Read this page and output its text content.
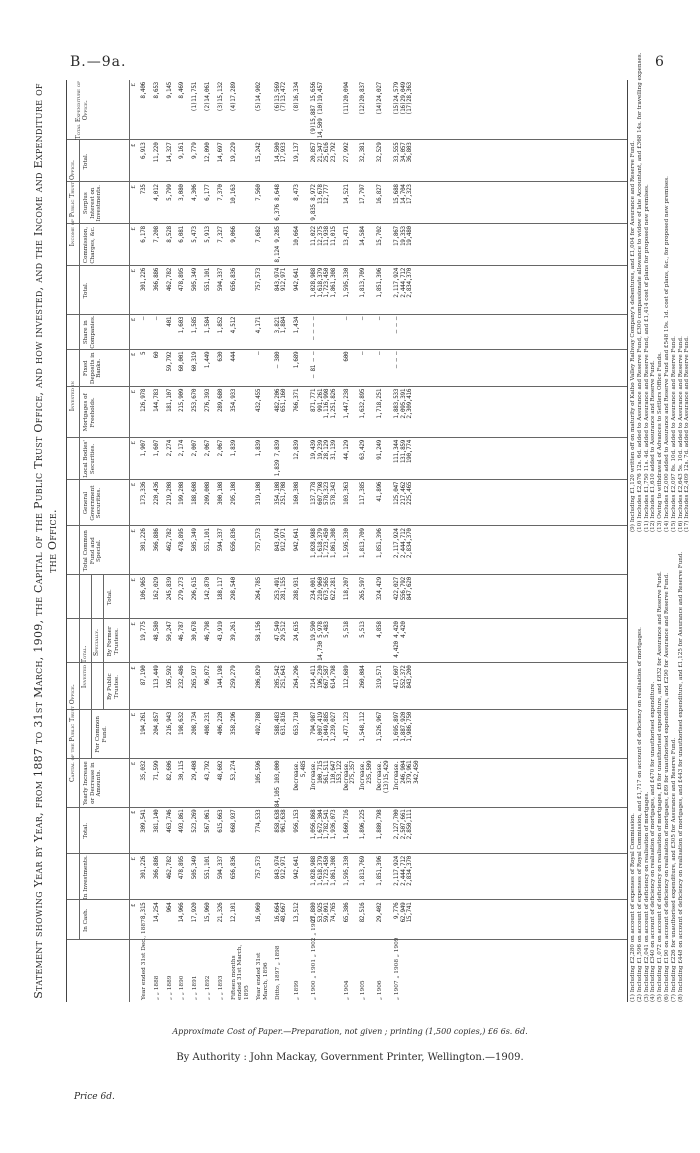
B.—9a.	6
Statement showing Year by Year, from 1887 to 31st March, 1909, the Capital of the Public Trust Office, and how invested, and the Income and Expenditure of the Office.
Capital of the Public Trust Office.
Invested Total.
Specially.
Invested in
Income of Public Trust Office.
Total Expenditure of Office.
In Cash.
In Investments.
Total.
Yearly Increase or Decrease in Amounts.
For Common Fund.
By Public Trustee.
By Former Trustees.
Total.
Total Common Fund and Special.
General Government Securities.
Local Bodies' Securities.
Mortgages of Freeholds.
Fixed Deposits in Banks.
Share in Companies.
Total.
Commission, Charges, &c.
Surplus Interest on Investments.
Total.
£
£
£
£
£
£
£
£
£
£
£
£
£
£
£
£
£
£
£
Year ended 31st Dec., 1887
8,315
301,226
309,541
35,032
194,261
87,190
19,775
106,965
301,226
173,336
1,907
126,978
5
—
301,226
6,178
735
6,913
8,406
„ „ 1888
14,254
366,886
381,140
71,599
204,857
113,449
48,580
162,029
366,886
220,436
1,607
144,783
60
—
366,886
7,208
4,012
11,220
8,653
„ „ 1889
964
462,782
463,746
82,606
216,943
195,592
50,247
245,839
462,782
219,208
2,274
181,107
59,792
401
462,782
8,528
5,799
14,327
9,145
„ „ 1890
14,966
478,895
493,861
30,115
198,632
232,486
46,787
279,273
478,895
199,208
2,174
215,909
60,001
1,603
478,895
6,081
3,080
9,161
8,469
„ „ 1891
17,920
505,349
523,269
29,408
208,734
265,937
30,678
296,615
505,349
188,608
2,007
253,670
60,319
1,585
505,349
5,473
4,306
9,779
(1)11,751
„ „ 1892
15,960
551,101
567,061
43,792
408,231
96,072
46,798
142,870
551,101
209,008
2,067
276,393
1,449
1,584
551,101
5,913
6,177
12,090
(2)14,061
„ „ 1893
21,326
594,337
615,663
48,602
406,220
144,198
43,919
188,117
594,337
300,108
2,067
289,680
630
1,852
594,337
7,327
7,370
14,697
(3)15,132
Fifteen months ended 31st March, 1895
12,101
656,836
668,937
53,274
358,296
259,279
39,261
298,540
656,836
295,108
1,839
354,933
444
4,512
656,836
9,066
10,163
19,229
(4)17,289
Year ended 31st March, 1896
16,960
757,573
774,533
105,596
492,788
206,029
58,156
264,785
757,573
319,108
1,839
432,455
—
4,171
757,573
7,682
7,560
15,242
(5)14,902
Ditto, 1897 „ 1898
16,664 48,667
843,974 912,971
858,638 961,638
84,105 103,000
588,483 631,816
205,542 251,643
47,549 29,512
253,491 281,155
843,974 912,971
354,108 251,708
1,839 7,839
482,206 651,160
— 380
3,821 1,884
843,974 912,971
8,124 9,285
6,376 8,648
14,500 17,933
(6)13,569 (7)13,472
„ 1899
13,512
942,641
956,153
Decrease. 5,485
653,710
264,296
24,635
288,931
942,641
160,308
12,839
766,371
1,689
1,434
942,641
10,664
8,473
19,137
(8)16,334
„ 1900 „ 1901 „ 1902 „ 1903
27,880 53,925 59,091 74,765
1,028,988 1,618,379 1,723,450 1,861,308
1,056,868 1,672,304 1,782,541 1,936,073
Increase. 100,715 561,511 110,647 153,122
794,987 1,007,419 1,049,885 1,239,027
214,411 196,230 667,587 614,798
19,590 14,730 5,978 5,483
234,001 210,960 673,565 622,281
1,028,988 1,618,379 1,723,450 1,861,308
137,778 607,798 578,323 578,343
19,439 19,239 28,129 31,139
871,771 991,261 1,116,998 1,251,826
— 81 — —
— — — —
1,028,988 1,618,379 1,723,450 1,861,308
11,022 12,375 11,938 11,015
9,835 8,972 13,678 12,777
20,857 21,347 25,616 23,792
(9)15,887 15,656 14,509 (10)19,457
„ 1904
65,386
1,595,330
1,660,716
Decrease. 275,357
1,477,123
112,689
5,518
118,207
1,595,330
103,363
44,129
1,447,238
600
—
1,595,330
13,471
14,521
27,992
(11)20,094
„ 1905
82,516
1,813,769
1,896,225
Increase. 235,509
1,548,112
260,084
5,513
265,597
1,813,709
117,385
63,429
1,632,895
—
—
1,813,709
14,584
17,797
32,381
(12)20,837
„ 1906
29,402
1,851,396
1,880,798
Decrease. (13)15,429
1,526,967
319,571
4,858
324,429
1,851,396
41,896
91,249
1,718,251
—
—
1,851,396
15,702
16,827
32,529
(14)24,027
„ 1907 „ 1908 „ 1909
9,776 62,949 15,741
2,117,924 2,444,712 2,834,370
2,127,700 2,507,661 2,850,111
Increase. 246,904 379,961 342,450
1,695,897 1,887,920 1,986,750
417,607 552,372 843,200
4,420 4,420 4,420
422,027 556,792 847,620
2,117,924 2,444,712 2,834,370
125,047 217,462 225,465
111,344 131,859 190,774
1,883,533 2,095,391 2,309,416
— — —
— — —
2,117,924 2,444,712 2,834,370
17,867 19,353 19,480
15,688 14,704 17,323
33,555 34,057 36,803
(15)24,579 (16)29,049 (17)28,363
(1) Including £2,280 on account of expenses of Royal Commission. (2) Including £1,596 on account of expenses of Royal Commission, and £1,717 on account of deficiency on realisation of mortgages. (3) Including £2,041 on account of deficiency on realisation of mortgages. (4) Including £340 on account of deficiency on realisation of mortgages, and £470 for unauthorised expenditure. (5) Including £1,072 on account of deficiency on realisation of mortgages, £6 for unauthorised expenditure, and £832 for Assurance and Reserve Fund. (6) Including £190 on account of deficiency on realisation of mortgages, £89 for unauthorised expenditure, and £290 for Assurance and Reserve Fund. (7) Including £226 for unauthorised expenditure, and £305 for Assurance and Reserve Fund. (8) Including £448 on account of deficiency on realisation of mortgages, and £443 for unauthorised expenditure, and £1,125 for Assurance and Reserve Fund.
(9) Including £1,120 written off on maturity of Kaiho Valley Railway Company's debentures, and £1,004 for Assurance and Reserve Fund. (10) Includes £2,676 12s. 6d. added to Assurance and Reserve Fund, £300 compassionate allowance to widow of late Accountant, and £368 14s. for travelling expenses. (11) Includes £1,750 11s. 4d. added to Assurance and Reserve Fund, and £1,414 cost of plans for proposed new premises. (12) Includes £1,610 added to Assurance and Reserve Fund. (13) Owing to withdrawal of Advances to Settlers Office Funds. (14) Includes £2,000 added to Assurance and Reserve Fund and £548 19s. 1d. cost of plans, &c., for proposed new premises. (15) Includes £2,097 8s. 10d. added to Assurance and Reserve Fund. (16) Includes £2,643 5s. 10d. added to Assurance and Reserve Fund. (17) Includes £2,409 12s. 7d. added to Assurance and Reserve Fund.
Approximate Cost of Paper.—Preparation, not given ; printing (1,500 copies,) £6 6s. 6d.
By Authority : John Mackay, Government Printer, Wellington.—1909.
Price 6d.
